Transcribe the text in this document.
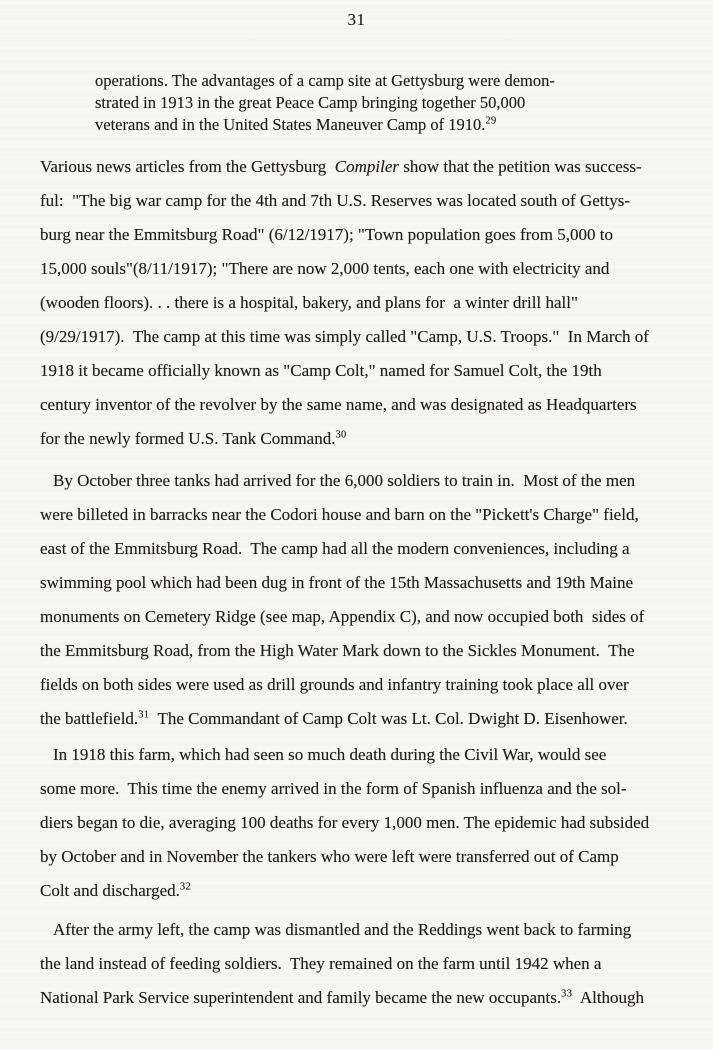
31
operations. The advantages of a camp site at Gettysburg were demon-
strated in 1913 in the great Peace Camp bringing together 50,000
veterans and in the United States Maneuver Camp of 1910.29
Various news articles from the Gettysburg  Compiler show that the petition was success-
ful:  "The big war camp for the 4th and 7th U.S. Reserves was located south of Gettys-
burg near the Emmitsburg Road" (6/12/1917); "Town population goes from 5,000 to
15,000 souls"(8/11/1917); "There are now 2,000 tents, each one with electricity and
(wooden floors). . . there is a hospital, bakery, and plans for  a winter drill hall"
(9/29/1917).  The camp at this time was simply called "Camp, U.S. Troops."  In March of
1918 it became officially known as "Camp Colt," named for Samuel Colt, the 19th
century inventor of the revolver by the same name, and was designated as Headquarters
for the newly formed U.S. Tank Command.$^{30}$
By October three tanks had arrived for the 6,000 soldiers to train in.  Most of the men
were billeted in barracks near the Codori house and barn on the "Pickett's Charge" field,
east of the Emmitsburg Road.  The camp had all the modern conveniences, including a
swimming pool which had been dug in front of the 15th Massachusetts and 19th Maine
monuments on Cemetery Ridge (see map, Appendix C), and now occupied both  sides of
the Emmitsburg Road, from the High Water Mark down to the Sickles Monument.  The
fields on both sides were used as drill grounds and infantry training took place all over
the battlefield.$^{31}$  The Commandant of Camp Colt was Lt. Col. Dwight D. Eisenhower.
In 1918 this farm, which had seen so much death during the Civil War, would see
some more.  This time the enemy arrived in the form of Spanish influenza and the sol-
diers began to die, averaging 100 deaths for every 1,000 men. The epidemic had subsided
by October and in November the tankers who were left were transferred out of Camp
Colt and discharged.$^{32}$
After the army left, the camp was dismantled and the Reddings went back to farming
the land instead of feeding soldiers.  They remained on the farm until 1942 when a
National Park Service superintendent and family became the new occupants.$^{33}$  Although
